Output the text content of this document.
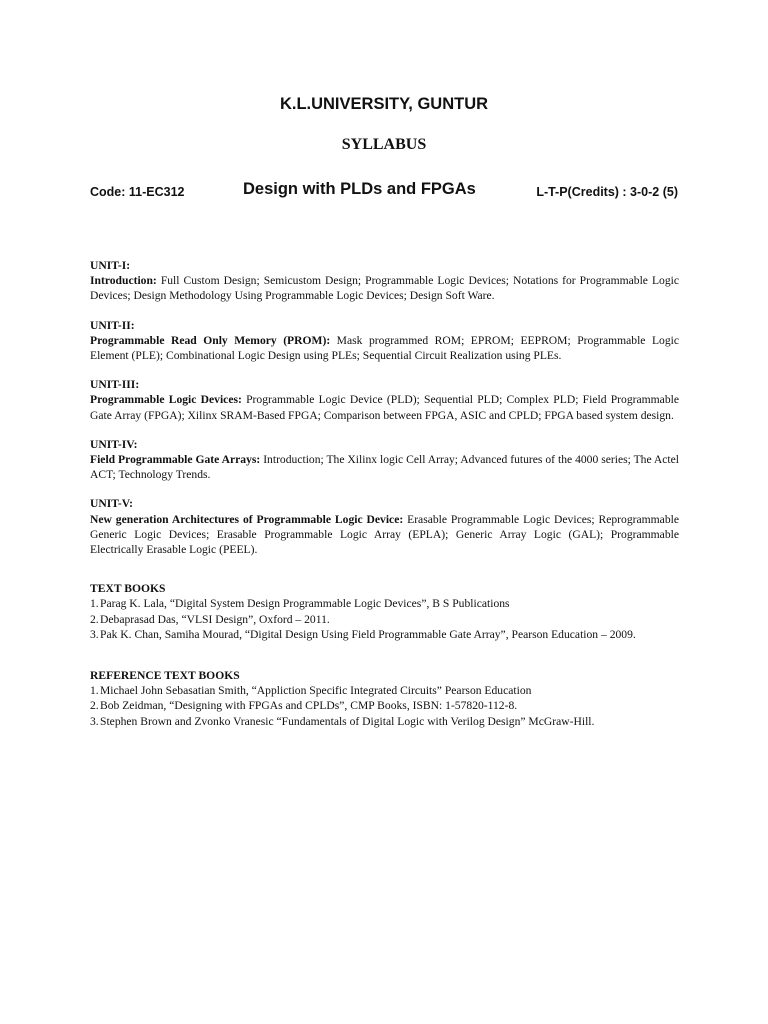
K.L.UNIVERSITY, GUNTUR
SYLLABUS
Code: 11-EC312	Design with PLDs and FPGAs	L-T-P(Credits) : 3-0-2 (5)
UNIT-I:

Introduction: Full Custom Design; Semicustom Design; Programmable Logic Devices; Notations for Programmable Logic Devices; Design Methodology Using Programmable Logic Devices; Design Soft Ware.

UNIT-II:

Programmable Read Only Memory (PROM): Mask programmed ROM; EPROM; EEPROM; Programmable Logic Element (PLE); Combinational Logic Design using PLEs; Sequential Circuit Realization using PLEs.

UNIT-III:

Programmable Logic Devices: Programmable Logic Device (PLD); Sequential PLD; Complex PLD; Field Programmable Gate Array (FPGA); Xilinx SRAM-Based FPGA; Comparison between FPGA, ASIC and CPLD; FPGA based system design.

UNIT-IV:

Field Programmable Gate Arrays: Introduction; The Xilinx logic Cell Array; Advanced futures of the 4000 series; The Actel ACT; Technology Trends.

UNIT-V:

New generation Architectures of Programmable Logic Device: Erasable Programmable Logic Devices; Reprogrammable Generic Logic Devices; Erasable Programmable Logic Array (EPLA); Generic Array Logic (GAL); Programmable Electrically Erasable Logic (PEEL).

TEXT BOOKS
1. Parag K. Lala, “Digital System Design Programmable Logic Devices”, B S Publications
2. Debaprasad Das, “VLSI Design”, Oxford – 2011.
3. Pak K. Chan, Samiha Mourad, “Digital Design Using Field Programmable Gate Array”, Pearson Education – 2009.
REFERENCE TEXT BOOKS
1. Michael John Sebasatian Smith, “Appliction Specific Integrated Circuits” Pearson Education
2. Bob Zeidman, “Designing with FPGAs and CPLDs”, CMP Books, ISBN: 1-57820-112-8.
3. Stephen Brown and Zvonko Vranesic “Fundamentals of Digital Logic with Verilog Design” McGraw-Hill.
